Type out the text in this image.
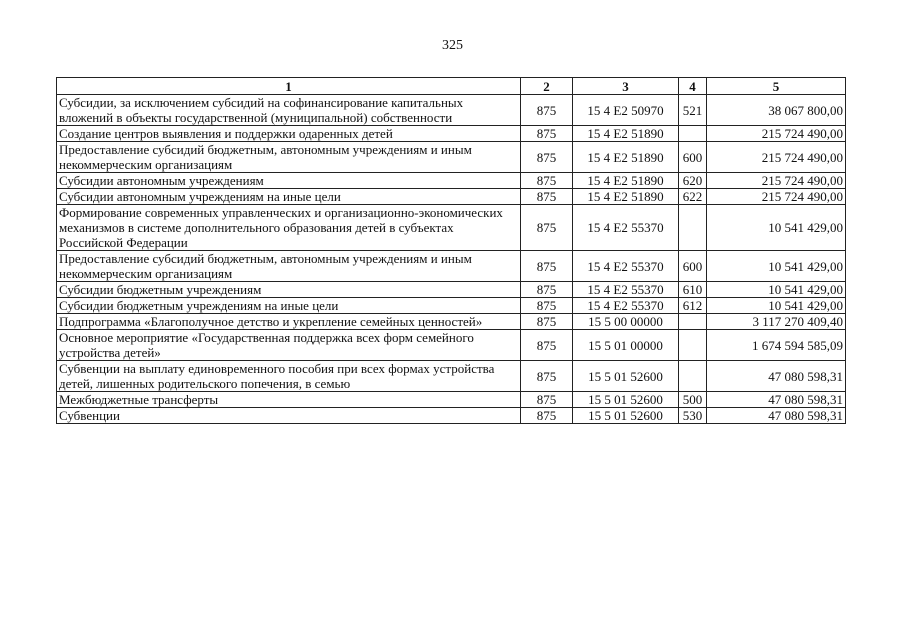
325
1	2	3	4	5
Субсидии, за исключением субсидий на софинансирование капитальных вложений в объекты государственной (муниципальной) собственности	875	15 4 E2 50970	521	38 067 800,00
Создание центров выявления и поддержки одаренных детей	875	15 4 E2 51890		215 724 490,00
Предоставление субсидий бюджетным, автономным учреждениям и иным некоммерческим организациям	875	15 4 E2 51890	600	215 724 490,00
Субсидии автономным учреждениям	875	15 4 E2 51890	620	215 724 490,00
Субсидии автономным учреждениям на иные цели	875	15 4 E2 51890	622	215 724 490,00
Формирование современных управленческих и организационно-экономических механизмов в системе дополнительного образования детей в субъектах Российской Федерации	875	15 4 E2 55370		10 541 429,00
Предоставление субсидий бюджетным, автономным учреждениям и иным некоммерческим организациям	875	15 4 E2 55370	600	10 541 429,00
Субсидии бюджетным учреждениям	875	15 4 E2 55370	610	10 541 429,00
Субсидии бюджетным учреждениям на иные цели	875	15 4 E2 55370	612	10 541 429,00
Подпрограмма «Благополучное детство и укрепление семейных ценностей»	875	15 5 00 00000		3 117 270 409,40
Основное мероприятие «Государственная поддержка всех форм семейного устройства детей»	875	15 5 01 00000		1 674 594 585,09
Субвенции на выплату единовременного пособия при всех формах устройства детей, лишенных родительского попечения, в семью	875	15 5 01 52600		47 080 598,31
Межбюджетные трансферты	875	15 5 01 52600	500	47 080 598,31
Субвенции	875	15 5 01 52600	530	47 080 598,31
